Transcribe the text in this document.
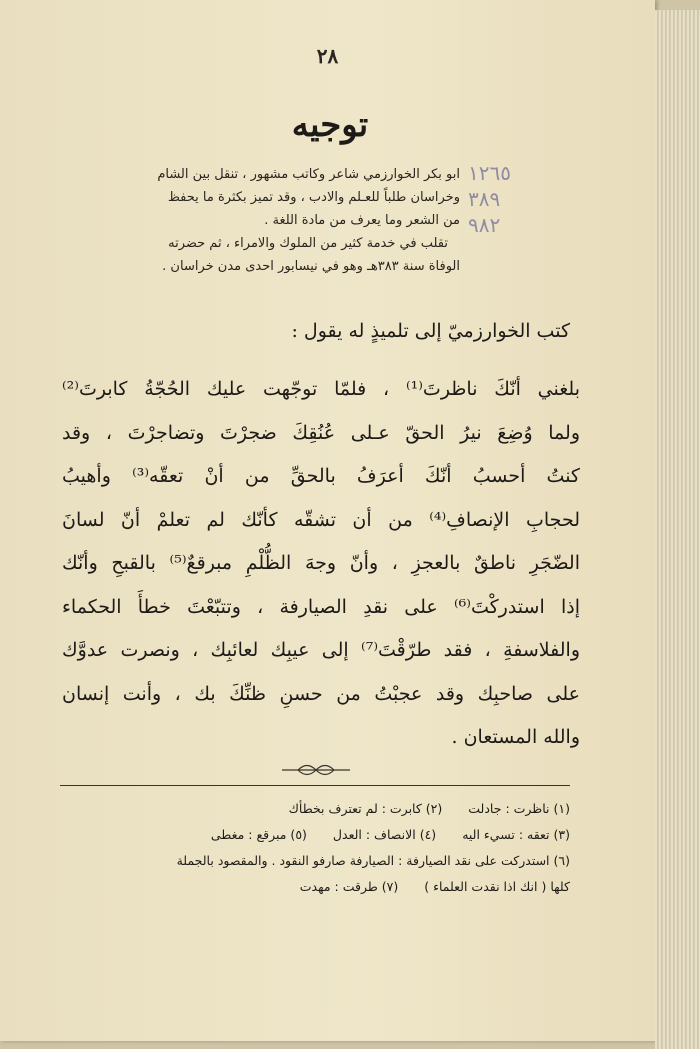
٢٨
توجيه

ابو بكر الخوارزمي شاعر وكاتب مشهور ، تنقل بين الشام

وخراسان طلباً للعـلم والادب ، وقد تميز بكثرة ما يحفظ

من الشعر وما يعرف من مادة اللغة .

تقلب في خدمة كثير من الملوك والامراء ، ثم حضرته

الوفاة سنة ٣٨٣هـ وهو في نيسابور احدى مدن خراسان .

١٢٦٥
٣٨٩
٩٨٢
كتب الخوارزميّ إلى تلميذٍ له يقول :

بلغني أنّكَ ناظرتَ⁽¹⁾ ، فلمّا توجّهت عليك الحُجّةُ كابرتَ⁽²⁾

ولما وُضِعَ نيرُ الحقّ عـلى عُنُقِكَ ضجرْتَ وتضاجرْتَ ، وقد

كنتُ أحسبُ أنّكَ أعرَفُ بالحقِّ من أنْ تعقّه⁽³⁾ وأهيبُ

لحجابِ الإنصافِ⁽⁴⁾ من أن تشقّه كأنّك لم تعلمْ أنّ لسانَ

الضّجَرِ ناطقٌ بالعجزِ ، وأنّ وجهَ الظُّلْمِ مبرقعٌ⁽⁵⁾ بالقبحِ وأنّك

إذا استدركْتَ⁽⁶⁾ على نقدِ الصيارفة ، وتتبّعْتَ خطأَ الحكماء

والفلاسفةِ ، فقد طرّقْتَ⁽⁷⁾ إلى عيبِك لعائبِك ، ونصرت عدوَّك

على صاحبِك وقد عجبْتُ من حسنِ ظنِّكَ بك ، وأنت إنسان

والله المستعان .

(١) ناظرت : جادلت(٢) كابرت : لم تعترف بخطأك

(٣) تعقه : تسيء اليه(٤) الانصاف : العدل(٥) مبرقع : مغطى

(٦) استدركت على نقد الصيارفة : الصيارفة صارفو النقود . والمقصود بالجملة

كلها ( انك اذا نقدت العلماء )(٧) طرقت : مهدت
